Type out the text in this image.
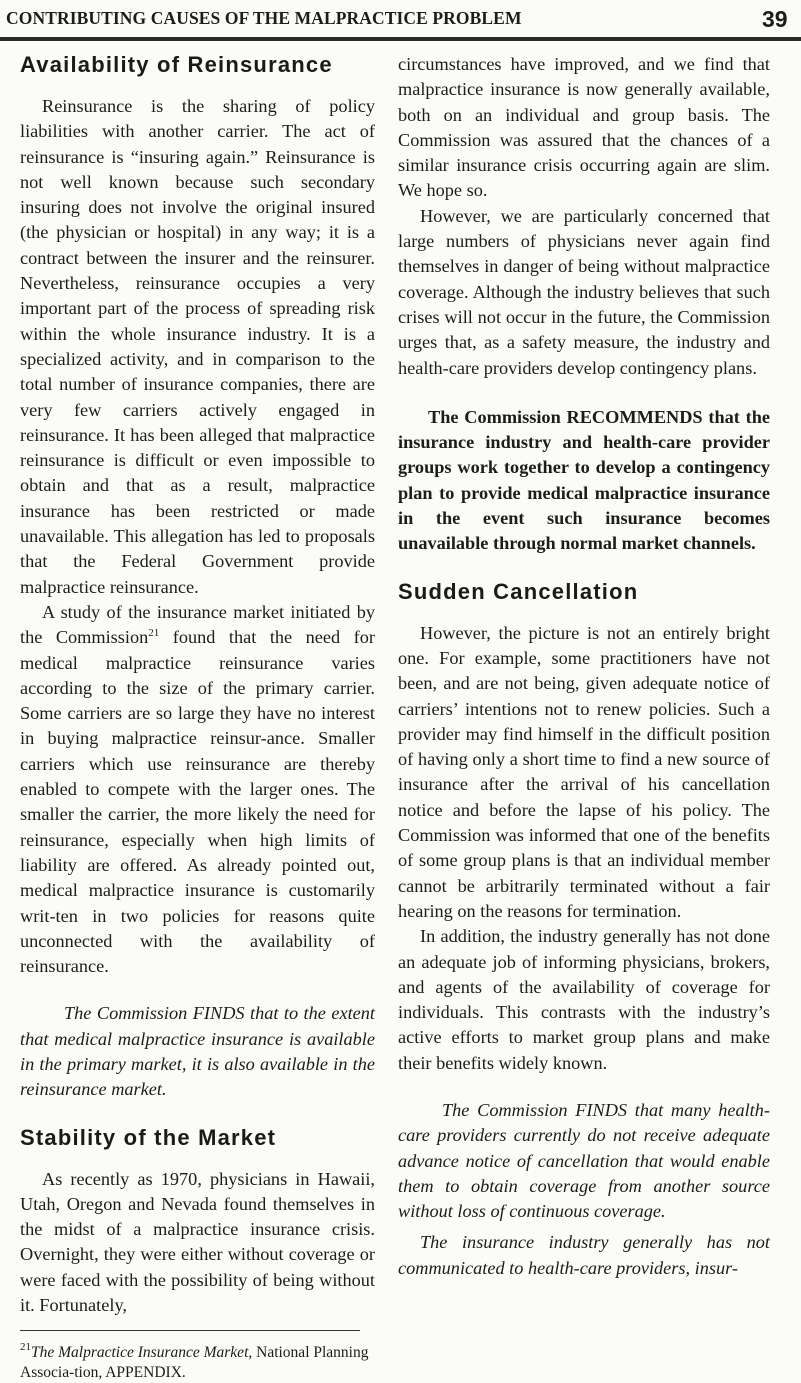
CONTRIBUTING CAUSES OF THE MALPRACTICE PROBLEM	39
Availability of Reinsurance

Reinsurance is the sharing of policy liabilities with another carrier. The act of reinsurance is “insuring again.” Reinsurance is not well known because such secondary insuring does not involve the original insured (the physician or hospital) in any way; it is a contract between the insurer and the reinsurer. Nevertheless, reinsurance occupies a very important part of the process of spreading risk within the whole insurance industry. It is a specialized activity, and in comparison to the total number of insurance companies, there are very few carriers actively engaged in reinsurance. It has been alleged that malpractice reinsurance is difficult or even impossible to obtain and that as a result, malpractice insurance has been restricted or made unavailable. This allegation has led to proposals that the Federal Government provide malpractice reinsurance.

A study of the insurance market initiated by the Commission$^{21}$ found that the need for medical malpractice reinsurance varies according to the size of the primary carrier. Some carriers are so large they have no interest in buying malpractice reinsur-ance. Smaller carriers which use reinsurance are thereby enabled to compete with the larger ones. The smaller the carrier, the more likely the need for reinsurance, especially when high limits of liability are offered. As already pointed out, medical malpractice insurance is customarily writ-ten in two policies for reasons quite unconnected with the availability of reinsurance.

The Commission FINDS that to the extent that medical malpractice insurance is available in the primary market, it is also available in the reinsurance market.

Stability of the Market

As recently as 1970, physicians in Hawaii, Utah, Oregon and Nevada found themselves in the midst of a malpractice insurance crisis. Overnight, they were either without coverage or were faced with the possibility of being without it. Fortunately,

$^{21}$The Malpractice Insurance Market, National Planning Associa-tion, APPENDIX.

circumstances have improved, and we find that malpractice insurance is now generally available, both on an individual and group basis. The Commission was assured that the chances of a similar insurance crisis occurring again are slim. We hope so.

However, we are particularly concerned that large numbers of physicians never again find themselves in danger of being without malpractice coverage. Although the industry believes that such crises will not occur in the future, the Commission urges that, as a safety measure, the industry and health-care providers develop contingency plans.

The Commission RECOMMENDS that the insurance industry and health-care provider groups work together to develop a contingency plan to provide medical malpractice insurance in the event such insurance becomes unavailable through normal market channels.

Sudden Cancellation

However, the picture is not an entirely bright one. For example, some practitioners have not been, and are not being, given adequate notice of carriers’ intentions not to renew policies. Such a provider may find himself in the difficult position of having only a short time to find a new source of insurance after the arrival of his cancellation notice and before the lapse of his policy. The Commission was informed that one of the benefits of some group plans is that an individual member cannot be arbitrarily terminated without a fair hearing on the reasons for termination.

In addition, the industry generally has not done an adequate job of informing physicians, brokers, and agents of the availability of coverage for individuals. This contrasts with the industry’s active efforts to market group plans and make their benefits widely known.

The Commission FINDS that many health-care providers currently do not receive adequate advance notice of cancellation that would enable them to obtain coverage from another source without loss of continuous coverage.

The insurance industry generally has not communicated to health-care providers, insur-
